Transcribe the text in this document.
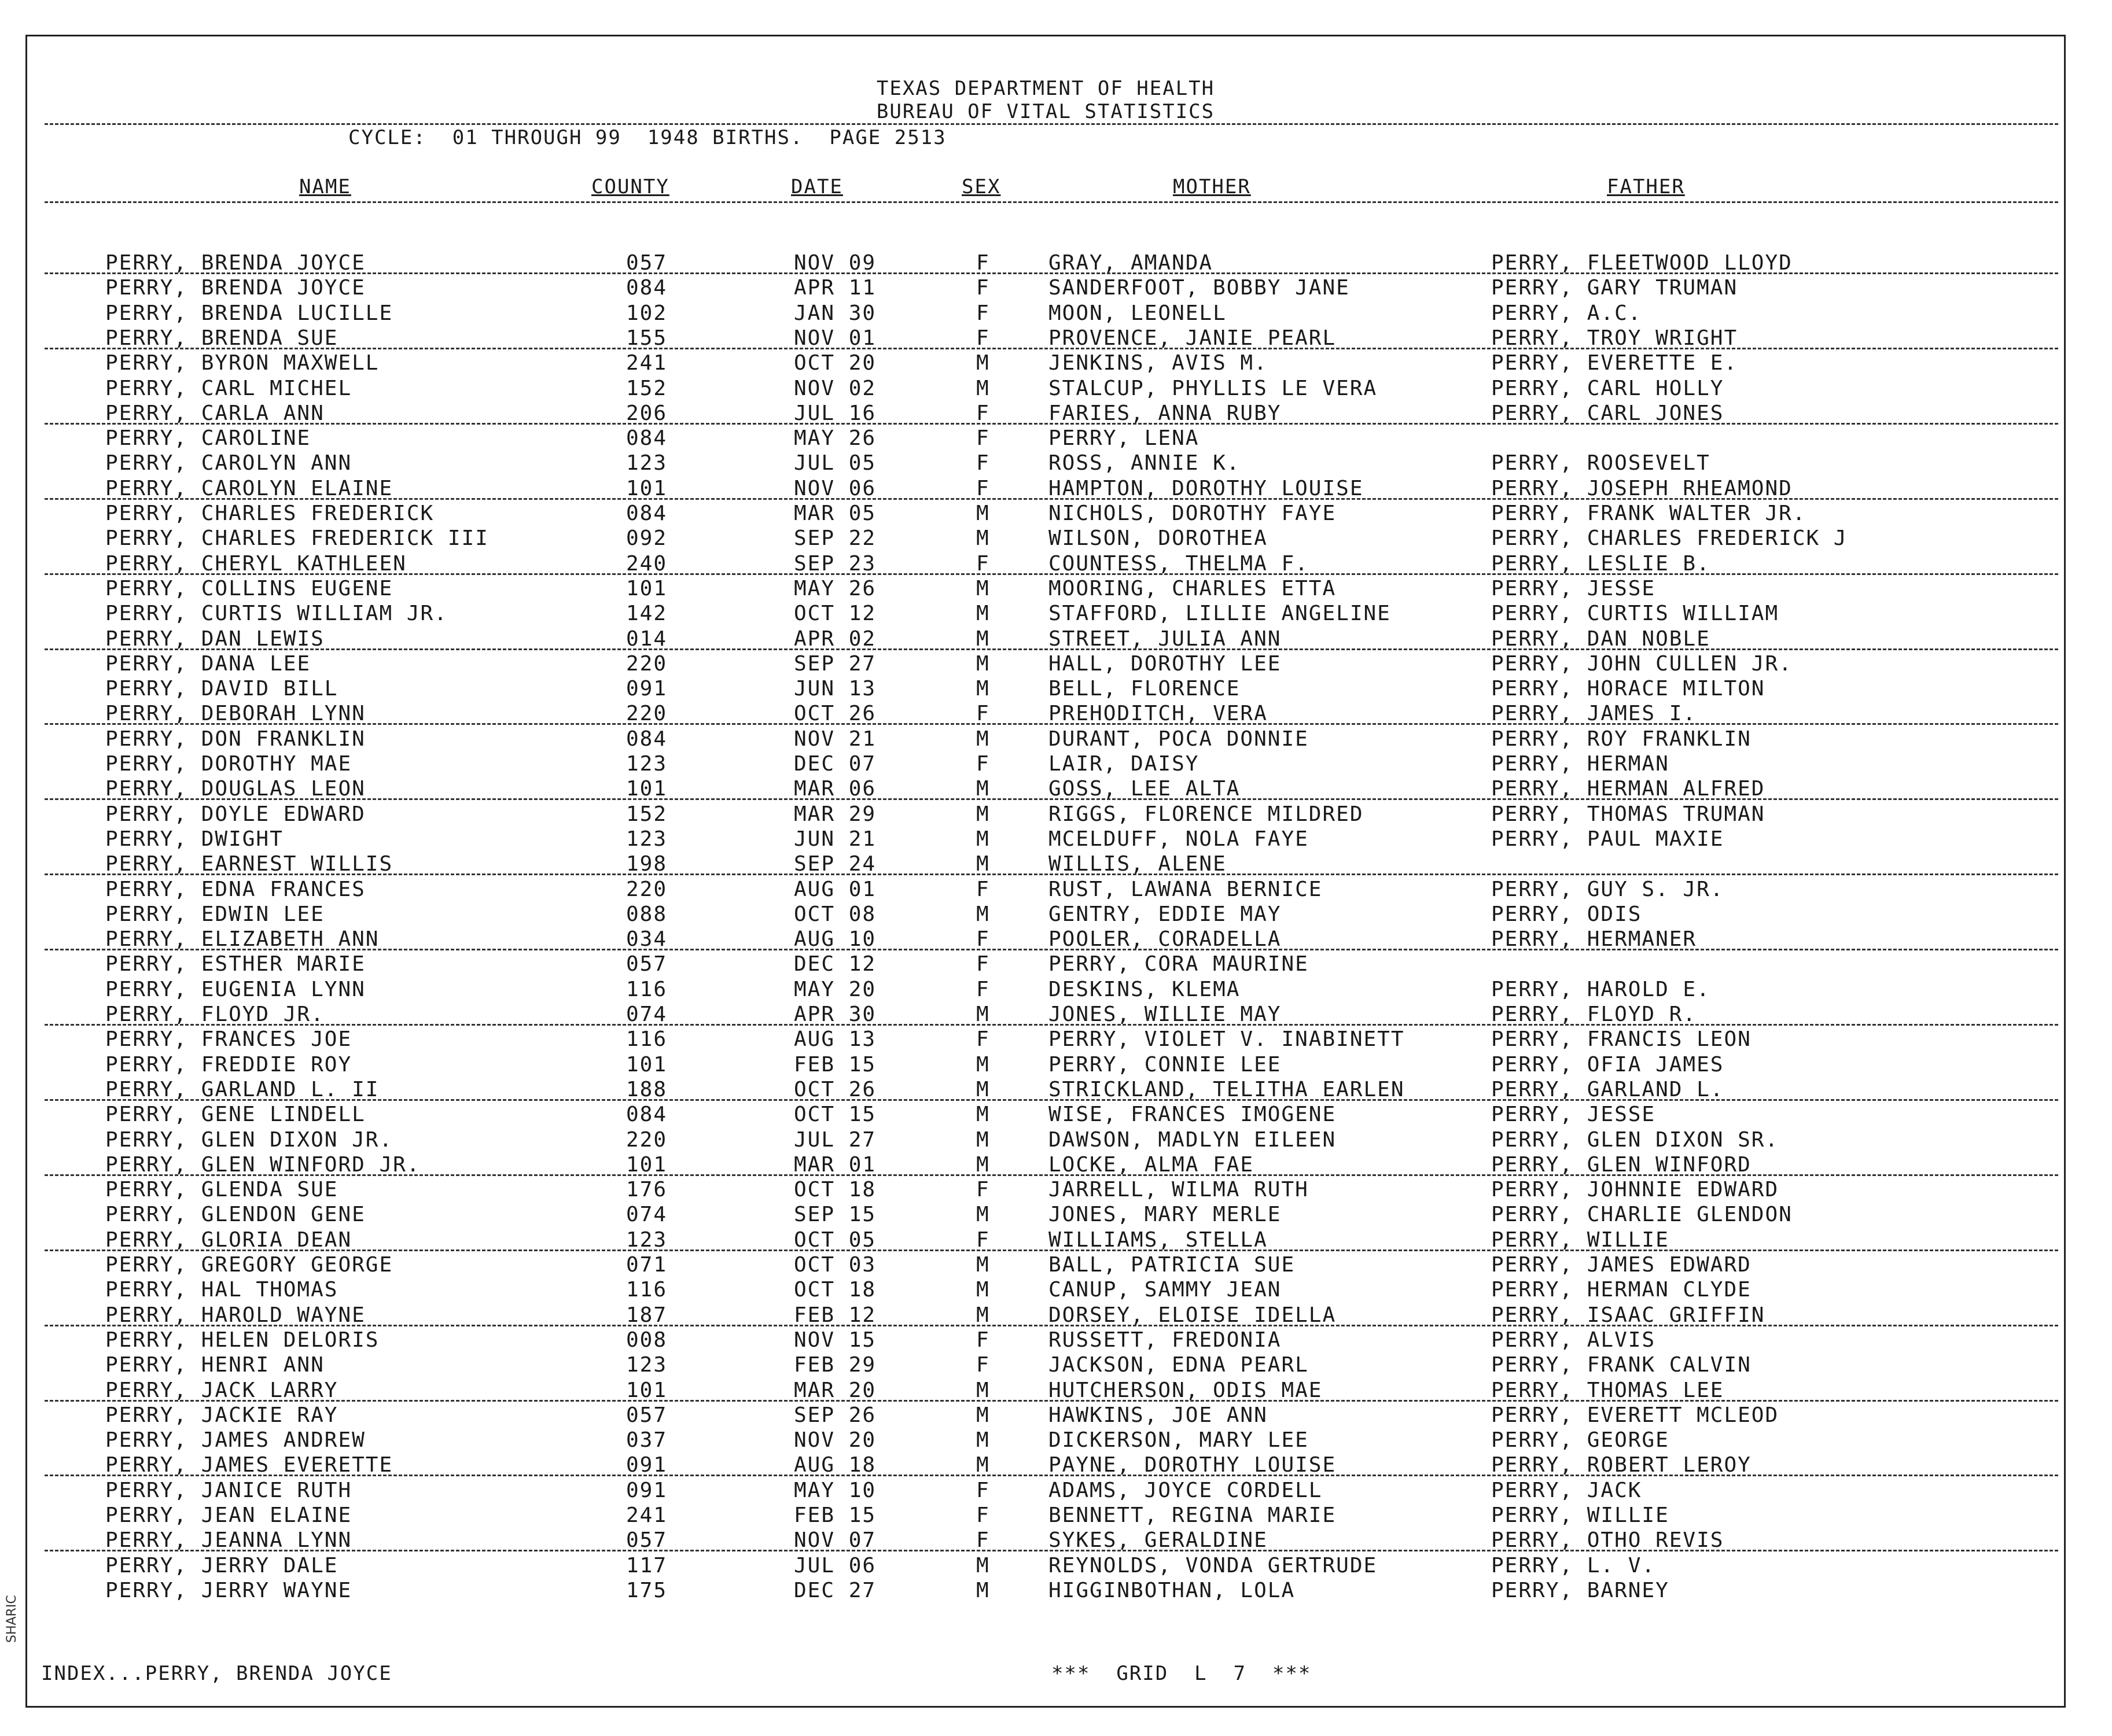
SHARIC
TEXAS DEPARTMENT OF HEALTH
BUREAU OF VITAL STATISTICS
CYCLE:  01 THROUGH 99  1948 BIRTHS.  PAGE 2513
NAME	COUNTY	DATE	SEX	MOTHER	FATHER
PERRY, BRENDA JOYCE	057	NOV 09	F	GRAY, AMANDA	PERRY, FLEETWOOD LLOYD
PERRY, BRENDA JOYCE	084	APR 11	F	SANDERFOOT, BOBBY JANE	PERRY, GARY TRUMAN
PERRY, BRENDA LUCILLE	102	JAN 30	F	MOON, LEONELL	PERRY, A.C.
PERRY, BRENDA SUE	155	NOV 01	F	PROVENCE, JANIE PEARL	PERRY, TROY WRIGHT
PERRY, BYRON MAXWELL	241	OCT 20	M	JENKINS, AVIS M.	PERRY, EVERETTE E.
PERRY, CARL MICHEL	152	NOV 02	M	STALCUP, PHYLLIS LE VERA	PERRY, CARL HOLLY
PERRY, CARLA ANN	206	JUL 16	F	FARIES, ANNA RUBY	PERRY, CARL JONES
PERRY, CAROLINE	084	MAY 26	F	PERRY, LENA
PERRY, CAROLYN ANN	123	JUL 05	F	ROSS, ANNIE K.	PERRY, ROOSEVELT
PERRY, CAROLYN ELAINE	101	NOV 06	F	HAMPTON, DOROTHY LOUISE	PERRY, JOSEPH RHEAMOND
PERRY, CHARLES FREDERICK	084	MAR 05	M	NICHOLS, DOROTHY FAYE	PERRY, FRANK WALTER JR.
PERRY, CHARLES FREDERICK III	092	SEP 22	M	WILSON, DOROTHEA	PERRY, CHARLES FREDERICK J
PERRY, CHERYL KATHLEEN	240	SEP 23	F	COUNTESS, THELMA F.	PERRY, LESLIE B.
PERRY, COLLINS EUGENE	101	MAY 26	M	MOORING, CHARLES ETTA	PERRY, JESSE
PERRY, CURTIS WILLIAM JR.	142	OCT 12	M	STAFFORD, LILLIE ANGELINE	PERRY, CURTIS WILLIAM
PERRY, DAN LEWIS	014	APR 02	M	STREET, JULIA ANN	PERRY, DAN NOBLE
PERRY, DANA LEE	220	SEP 27	M	HALL, DOROTHY LEE	PERRY, JOHN CULLEN JR.
PERRY, DAVID BILL	091	JUN 13	M	BELL, FLORENCE	PERRY, HORACE MILTON
PERRY, DEBORAH LYNN	220	OCT 26	F	PREHODITCH, VERA	PERRY, JAMES I.
PERRY, DON FRANKLIN	084	NOV 21	M	DURANT, POCA DONNIE	PERRY, ROY FRANKLIN
PERRY, DOROTHY MAE	123	DEC 07	F	LAIR, DAISY	PERRY, HERMAN
PERRY, DOUGLAS LEON	101	MAR 06	M	GOSS, LEE ALTA	PERRY, HERMAN ALFRED
PERRY, DOYLE EDWARD	152	MAR 29	M	RIGGS, FLORENCE MILDRED	PERRY, THOMAS TRUMAN
PERRY, DWIGHT	123	JUN 21	M	MCELDUFF, NOLA FAYE	PERRY, PAUL MAXIE
PERRY, EARNEST WILLIS	198	SEP 24	M	WILLIS, ALENE
PERRY, EDNA FRANCES	220	AUG 01	F	RUST, LAWANA BERNICE	PERRY, GUY S. JR.
PERRY, EDWIN LEE	088	OCT 08	M	GENTRY, EDDIE MAY	PERRY, ODIS
PERRY, ELIZABETH ANN	034	AUG 10	F	POOLER, CORADELLA	PERRY, HERMANER
PERRY, ESTHER MARIE	057	DEC 12	F	PERRY, CORA MAURINE
PERRY, EUGENIA LYNN	116	MAY 20	F	DESKINS, KLEMA	PERRY, HAROLD E.
PERRY, FLOYD JR.	074	APR 30	M	JONES, WILLIE MAY	PERRY, FLOYD R.
PERRY, FRANCES JOE	116	AUG 13	F	PERRY, VIOLET V. INABINETT	PERRY, FRANCIS LEON
PERRY, FREDDIE ROY	101	FEB 15	M	PERRY, CONNIE LEE	PERRY, OFIA JAMES
PERRY, GARLAND L. II	188	OCT 26	M	STRICKLAND, TELITHA EARLEN	PERRY, GARLAND L.
PERRY, GENE LINDELL	084	OCT 15	M	WISE, FRANCES IMOGENE	PERRY, JESSE
PERRY, GLEN DIXON JR.	220	JUL 27	M	DAWSON, MADLYN EILEEN	PERRY, GLEN DIXON SR.
PERRY, GLEN WINFORD JR.	101	MAR 01	M	LOCKE, ALMA FAE	PERRY, GLEN WINFORD
PERRY, GLENDA SUE	176	OCT 18	F	JARRELL, WILMA RUTH	PERRY, JOHNNIE EDWARD
PERRY, GLENDON GENE	074	SEP 15	M	JONES, MARY MERLE	PERRY, CHARLIE GLENDON
PERRY, GLORIA DEAN	123	OCT 05	F	WILLIAMS, STELLA	PERRY, WILLIE
PERRY, GREGORY GEORGE	071	OCT 03	M	BALL, PATRICIA SUE	PERRY, JAMES EDWARD
PERRY, HAL THOMAS	116	OCT 18	M	CANUP, SAMMY JEAN	PERRY, HERMAN CLYDE
PERRY, HAROLD WAYNE	187	FEB 12	M	DORSEY, ELOISE IDELLA	PERRY, ISAAC GRIFFIN
PERRY, HELEN DELORIS	008	NOV 15	F	RUSSETT, FREDONIA	PERRY, ALVIS
PERRY, HENRI ANN	123	FEB 29	F	JACKSON, EDNA PEARL	PERRY, FRANK CALVIN
PERRY, JACK LARRY	101	MAR 20	M	HUTCHERSON, ODIS MAE	PERRY, THOMAS LEE
PERRY, JACKIE RAY	057	SEP 26	M	HAWKINS, JOE ANN	PERRY, EVERETT MCLEOD
PERRY, JAMES ANDREW	037	NOV 20	M	DICKERSON, MARY LEE	PERRY, GEORGE
PERRY, JAMES EVERETTE	091	AUG 18	M	PAYNE, DOROTHY LOUISE	PERRY, ROBERT LEROY
PERRY, JANICE RUTH	091	MAY 10	F	ADAMS, JOYCE CORDELL	PERRY, JACK
PERRY, JEAN ELAINE	241	FEB 15	F	BENNETT, REGINA MARIE	PERRY, WILLIE
PERRY, JEANNA LYNN	057	NOV 07	F	SYKES, GERALDINE	PERRY, OTHO REVIS
PERRY, JERRY DALE	117	JUL 06	M	REYNOLDS, VONDA GERTRUDE	PERRY, L. V.
PERRY, JERRY WAYNE	175	DEC 27	M	HIGGINBOTHAN, LOLA	PERRY, BARNEY
INDEX...PERRY, BRENDA JOYCE	***  GRID  L  7  ***
